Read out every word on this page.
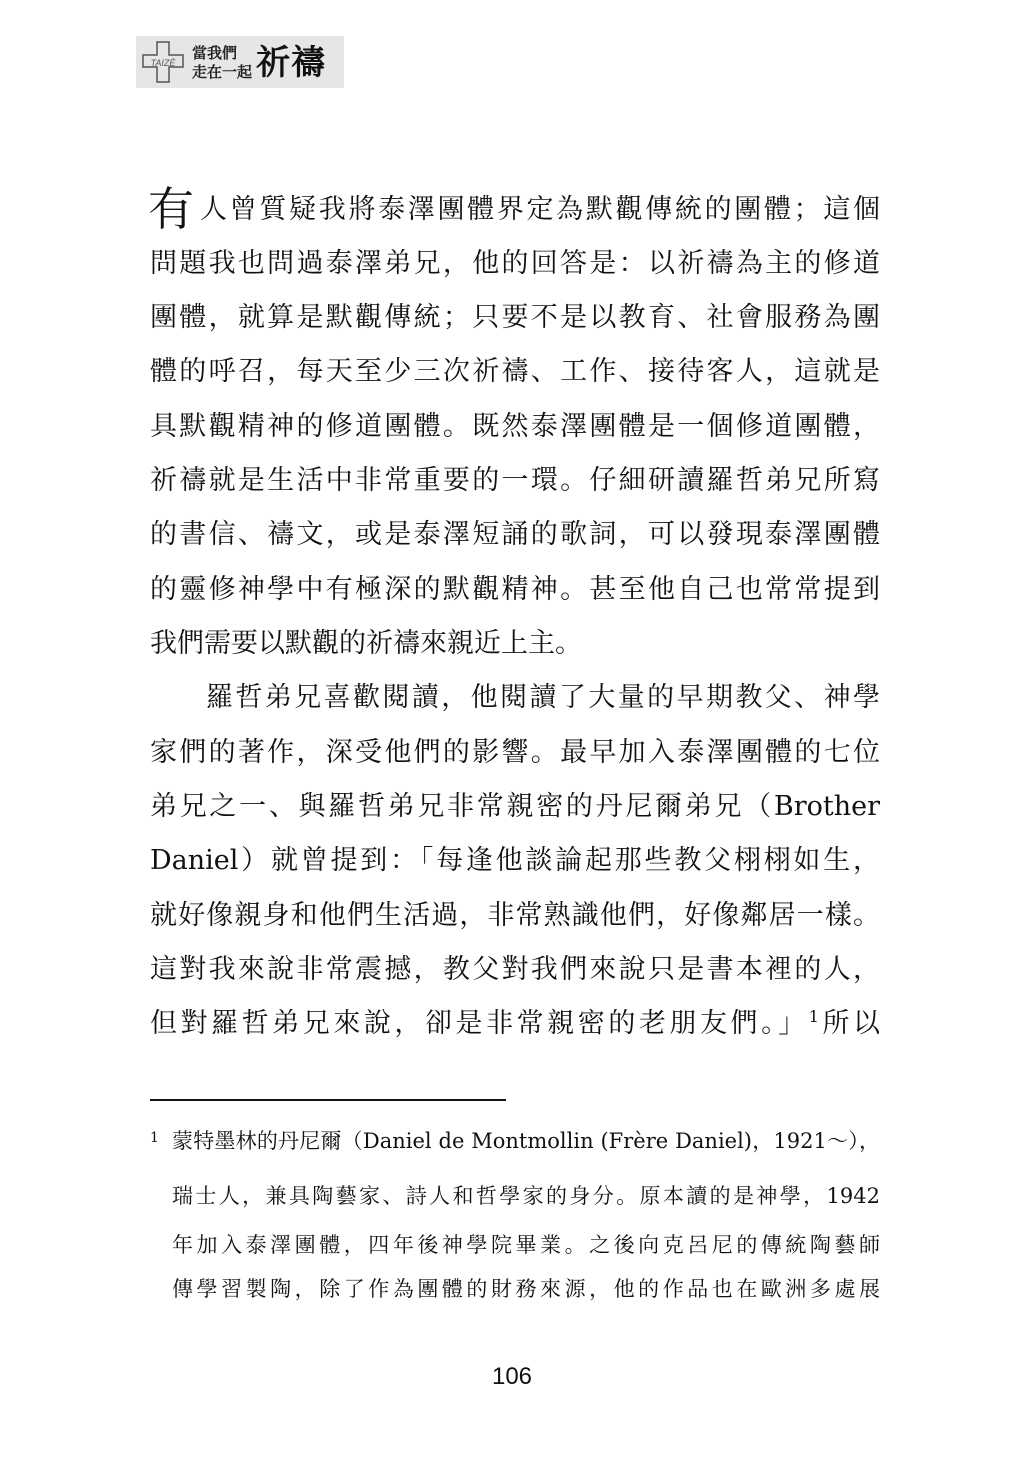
TAIZÉ
當我們
走在一起 祈禱
有 人曾質疑我將泰澤團體界定為默觀傳統的團體；這個
問題我也問過泰澤弟兄，他的回答是：以祈禱為主的修道
團體，就算是默觀傳統；只要不是以教育、社會服務為團
體的呼召，每天至少三次祈禱、工作、接待客人，這就是
具默觀精神的修道團體。既然泰澤團體是一個修道團體，
祈禱就是生活中非常重要的一環。仔細研讀羅哲弟兄所寫
的書信、禱文，或是泰澤短誦的歌詞，可以發現泰澤團體
的靈修神學中有極深的默觀精神。甚至他自己也常常提到
我們需要以默觀的祈禱來親近上主。
羅哲弟兄喜歡閱讀，他閱讀了大量的早期教父、神學
家們的著作，深受他們的影響。最早加入泰澤團體的七位
弟兄之一、與羅哲弟兄非常親密的丹尼爾弟兄（Brother
Daniel）就曾提到：「每逢他談論起那些教父栩栩如生，
就好像親身和他們生活過，非常熟識他們，好像鄰居一樣。
這對我來說非常震撼，教父對我們來說只是書本裡的人，
但對羅哲弟兄來說，卻是非常親密的老朋友們。」$^1$所以
1 蒙特墨林的丹尼爾（Daniel de Montmollin (Frère Daniel)，1921～），
瑞士人，兼具陶藝家、詩人和哲學家的身分。原本讀的是神學，1942
年加入泰澤團體，四年後神學院畢業。之後向克呂尼的傳統陶藝師
傳學習製陶，除了作為團體的財務來源，他的作品也在歐洲多處展
106
